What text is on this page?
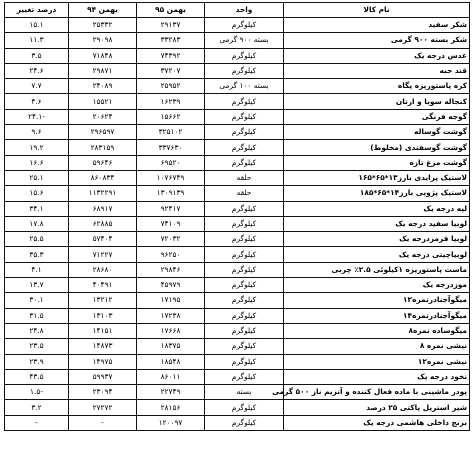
نام کالا	واحد	بهمن ۹۵	بهمن ۹۴	درصد تغییر
شکر سفید	کیلوگرم	۲۹۱۳۷	۲۵۳۳۲	۱۵.۱
شکر بسته ۹۰۰ گرمی	بسته ۹۰۰ گرمی	۳۳۲۸۳	۲۹۰۹۸	۱۱.۳
عدس درجه یک	کیلوگرم	۷۴۳۹۲	۷۱۸۴۸	۳.۵
قند حبه	کیلوگرم	۳۷۲۰۷	۲۹۸۷۱	۲۴.۶
کره پاستوریزه پگاه	بسته ۱۰۰ گرمی	۲۵۹۵۲	۲۴۰۸۹	۷.۷
کنجاله سویا و ارتان	کیلوگرم	۱۶۲۳۹	۱۵۵۲۱	۴.۶
گوجه فرنگی	کیلوگرم	۱۵۶۶۲	۲۰۶۲۴	-۲۴.۱
گوشت گوساله	کیلوگرم	۳۲۵۱۰۲	۲۹۶۵۹۷	۹.۶
گوشت گوسفندی (مخلوط)	کیلوگرم	۳۳۷۶۳۰	۲۸۳۱۵۹	۱۹.۲
گوشت مرغ تازه	کیلوگرم	۶۹۵۲۰	۵۹۶۴۶	۱۶.۶
لاستیک پرایدی بارز۱۳*۶۵*۱۶۵	حلقه	۱۰۷۶۷۴۹	۸۶۰۸۳۴	۲۵.۱
لاستیک پژویی بارز۱۴*۶۵*۱۸۵	حلقه	۱۳۰۹۱۳۹	۱۱۳۲۲۹۱	۱۵.۶
لپه درجه یک	کیلوگرم	۹۲۴۱۷	۶۸۹۱۷	۳۴.۱
لوبیا سفید درجه یک	کیلوگرم	۷۴۱۰۹	۶۲۸۸۵	۱۷.۸
لوبیا قرمزدرجه یک	کیلوگرم	۷۲۰۳۲	۵۷۴۰۴	۲۵.۵
لوبیاچیتی درجه یک	کیلوگرم	۹۶۲۵۰	۷۱۲۲۷	۳۵.۳
ماست پاستوریزه ۱کیلوئی ۲.۵٪ چربی	کیلوگرم	۲۹۸۴۶	۲۸۶۸۰	۴.۱
موزدرجه یک	کیلوگرم	۴۵۹۷۹	۴۰۴۹۱	۱۳.۷
میگوآجنادرنمره۱۲	کیلوگرم	۱۷۱۹۵	۱۳۲۱۲	۳۰.۱
میگوآجنادرنمره۱۴	کیلوگرم	۱۷۲۳۸	۱۳۱۰۳	۳۱.۵
میگوساده نمره۸	کیلوگرم	۱۷۶۶۸	۱۴۱۵۱	۲۴.۸
نیشی نمره ۸	کیلوگرم	۱۸۳۷۵	۱۴۸۷۳	۲۳.۵
نیشی نمره۱۲	کیلوگرم	۱۸۵۴۸	۱۴۹۷۵	۲۳.۹
نخود درجه یک	کیلوگرم	۸۶۰۱۱	۵۹۹۳۷	۴۳.۵
پودر ماشینی با ماده فعال کننده و آنزیم ناز ۵۰۰ گرمی	بسته	۲۲۷۴۹	۲۳۰۹۴	-۱.۵
شیر استریل پاکتی ۲۵ درصد	کیلوگرم	۲۸۱۵۶	۲۷۲۷۲	۳.۲
برنج داخلی هاشمی درجه یک	کیلوگرم	۱۲۰۰۹۷	-	-
